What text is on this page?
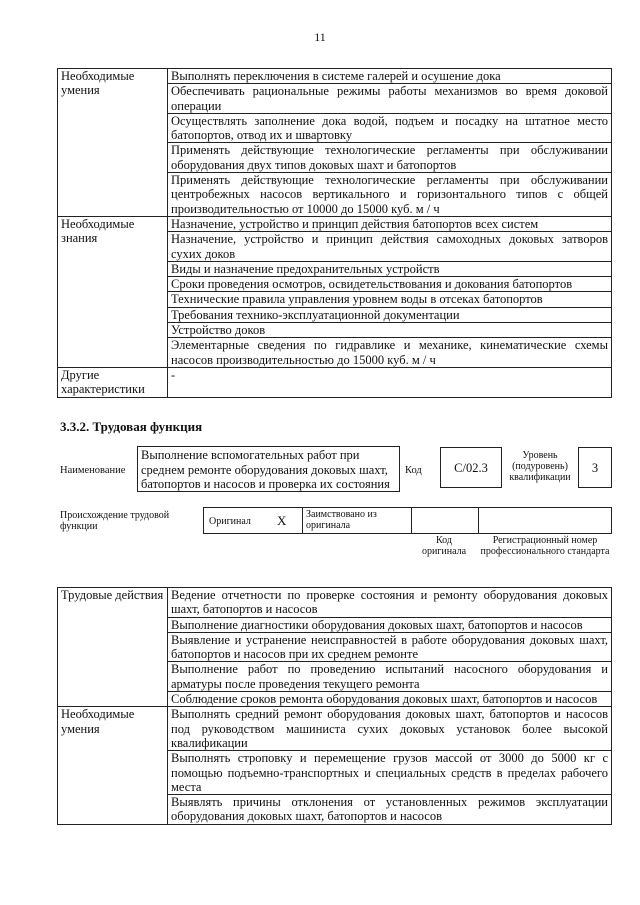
11
Необходимые умения	Выполнять переключения в системе галерей и осушение дока
	Обеспечивать рациональные режимы работы механизмов во время доковой операции
	Осуществлять заполнение дока водой, подъем и посадку на штатное место батопортов, отвод их и швартовку
	Применять действующие технологические регламенты при обслуживании оборудования двух типов доковых шахт и батопортов
	Применять действующие технологические регламенты при обслуживании центробежных насосов вертикального и горизонтального типов с общей производительностью от 10000 до 15000 куб. м / ч
Необходимые знания	Назначение, устройство и принцип действия батопортов всех систем
	Назначение, устройство и принцип действия самоходных доковых затворов сухих доков
	Виды и назначение предохранительных устройств
	Сроки проведения осмотров, освидетельствования и докования батопортов
	Технические правила управления уровнем воды в отсеках батопортов
	Требования технико-эксплуатационной документации
	Устройство доков
	Элементарные сведения по гидравлике и механике, кинематические схемы насосов производительностью до 15000 куб. м / ч
Другие характеристики	-
3.3.2. Трудовая функция
Наименование
Выполнение вспомогательных работ при среднем ремонте оборудования доковых шахт, батопортов и насосов и проверка их состояния
Код	С/02.3
Уровень (подуровень) квалификации
3
Происхождение трудовой функции	Оригинал X	Заимствовано из оригинала
Код оригинала
Регистрационный номер профессионального стандарта
Трудовые действия	Ведение отчетности по проверке состояния и ремонту оборудования доковых шахт, батопортов и насосов
	Выполнение диагностики оборудования доковых шахт, батопортов и насосов
	Выявление и устранение неисправностей в работе оборудования доковых шахт, батопортов и насосов при их среднем ремонте
	Выполнение работ по проведению испытаний насосного оборудования и арматуры после проведения текущего ремонта
	Соблюдение сроков ремонта оборудования доковых шахт, батопортов и насосов
Необходимые умения	Выполнять средний ремонт оборудования доковых шахт, батопортов и насосов под руководством машиниста сухих доковых установок более высокой квалификации
	Выполнять строповку и перемещение грузов массой от 3000 до 5000 кг с помощью подъемно-транспортных и специальных средств в пределах рабочего места
	Выявлять причины отклонения от установленных режимов эксплуатации оборудования доковых шахт, батопортов и насосов
